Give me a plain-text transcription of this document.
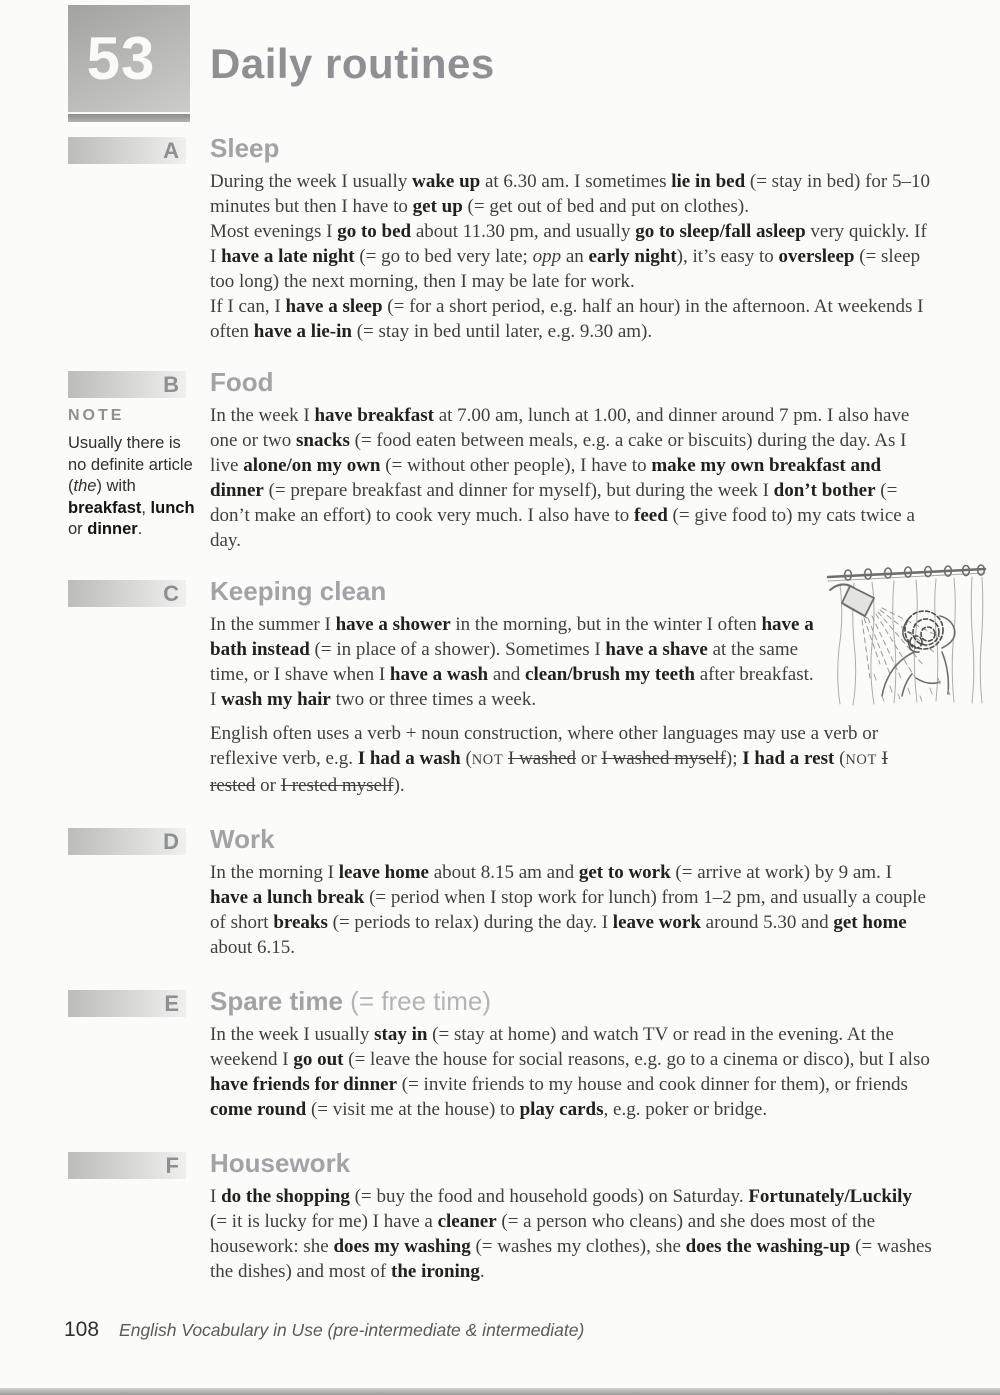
53 Daily routines
A Sleep

During the week I usually wake up at 6.30 am. I sometimes lie in bed (= stay in bed) for 5–10 minutes but then I have to get up (= get out of bed and put on clothes).

Most evenings I go to bed about 11.30 pm, and usually go to sleep/fall asleep very quickly. If I have a late night (= go to bed very late; opp an early night), it’s easy to oversleep (= sleep too long) the next morning, then I may be late for work.

If I can, I have a sleep (= for a short period, e.g. half an hour) in the afternoon. At weekends I often have a lie-in (= stay in bed until later, e.g. 9.30 am).

B
NOTE
Usually there is no definite article (the) with breakfast, lunch or dinner.
Food

In the week I have breakfast at 7.00 am, lunch at 1.00, and dinner around 7 pm. I also have one or two snacks (= food eaten between meals, e.g. a cake or biscuits) during the day. As I live alone/on my own (= without other people), I have to make my own breakfast and dinner (= prepare breakfast and dinner for myself), but during the week I don’t bother (= don’t make an effort) to cook very much. I also have to feed (= give food to) my cats twice a day.

C Keeping clean

In the summer I have a shower in the morning, but in the winter I often have a bath instead (= in place of a shower). Sometimes I have a shave at the same time, or I shave when I have a wash and clean/brush my teeth after breakfast. I wash my hair two or three times a week.

English often uses a verb + noun construction, where other languages may use a verb or reflexive verb, e.g. I had a wash (NOT I washed or I washed myself); I had a rest (NOT I rested or I rested myself).

D Work

In the morning I leave home about 8.15 am and get to work (= arrive at work) by 9 am. I have a lunch break (= period when I stop work for lunch) from 1–2 pm, and usually a couple of short breaks (= periods to relax) during the day. I leave work around 5.30 and get home about 6.15.

E Spare time (= free time)

In the week I usually stay in (= stay at home) and watch TV or read in the evening. At the weekend I go out (= leave the house for social reasons, e.g. go to a cinema or disco), but I also have friends for dinner (= invite friends to my house and cook dinner for them), or friends come round (= visit me at the house) to play cards, e.g. poker or bridge.

F Housework

I do the shopping (= buy the food and household goods) on Saturday. Fortunately/Luckily (= it is lucky for me) I have a cleaner (= a person who cleans) and she does most of the housework: she does my washing (= washes my clothes), she does the washing-up (= washes the dishes) and most of the ironing.

108 English Vocabulary in Use (pre-intermediate & intermediate)
